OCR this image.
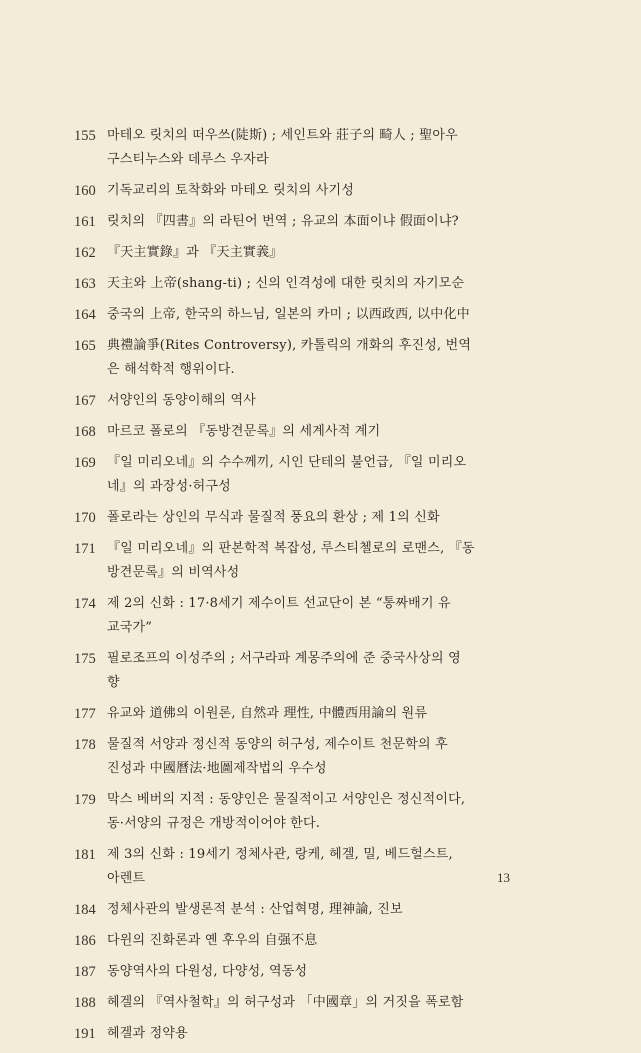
155 마테오 릿치의 떠우쓰(陡斯) ; 세인트와 莊子의 畸人 ; 聖아우
구스티누스와 데루스 우자라
160 기독교리의 토착화와 마테오 릿치의 사기성
161 릿치의 『四書』의 라틴어 번역 ; 유교의 本面이냐 假面이냐?
162 『天主實錄』과 『天主實義』
163 天主와 上帝(shang-ti) ; 신의 인격성에 대한 릿치의 자기모순
164 중국의 上帝, 한국의 하느님, 일본의 카미 ; 以西政西, 以中化中
165 典禮論爭(Rites Controversy), 카톨릭의 개화의 후진성, 번역
은 해석학적 행위이다.
167 서양인의 동양이해의 역사
168 마르코 폴로의 『동방견문록』의 세계사적 계기
169 『일 미리오네』의 수수께끼, 시인 단테의 불언급, 『일 미리오
네』의 과장성·허구성
170 폴로라는 상인의 무식과 물질적 풍요의 환상 ; 제 1의 신화
171 『일 미리오네』의 판본학적 복잡성, 루스티첼로의 로맨스, 『동
방견문록』의 비역사성
174 제 2의 신화 : 17·8세기 제수이트 선교단이 본 “통짜배기 유
교국가”
175 필로조프의 이성주의 ; 서구라파 계몽주의에 준 중국사상의 영
향
177 유교와 道佛의 이원론, 自然과 理性, 中體西用論의 원류
178 물질적 서양과 정신적 동양의 허구성, 제수이트 천문학의 후
진성과 中國曆法·地圖제작법의 우수성
179 막스 베버의 지적 : 동양인은 물질적이고 서양인은 정신적이다,
동·서양의 규정은 개방적이어야 한다.
181 제 3의 신화 : 19세기 정체사관, 랑케, 헤겔, 밀, 베드헐스트,
아렌트
184 정체사관의 발생론적 분석 : 산업혁명, 理神論, 진보
186 다윈의 진화론과 옌 후우의 自强不息
187 동양역사의 다원성, 다양성, 역동성
188 헤겔의 『역사철학』의 허구성과 「中國章」의 거짓을 폭로함
191 헤겔과 정약용
13
